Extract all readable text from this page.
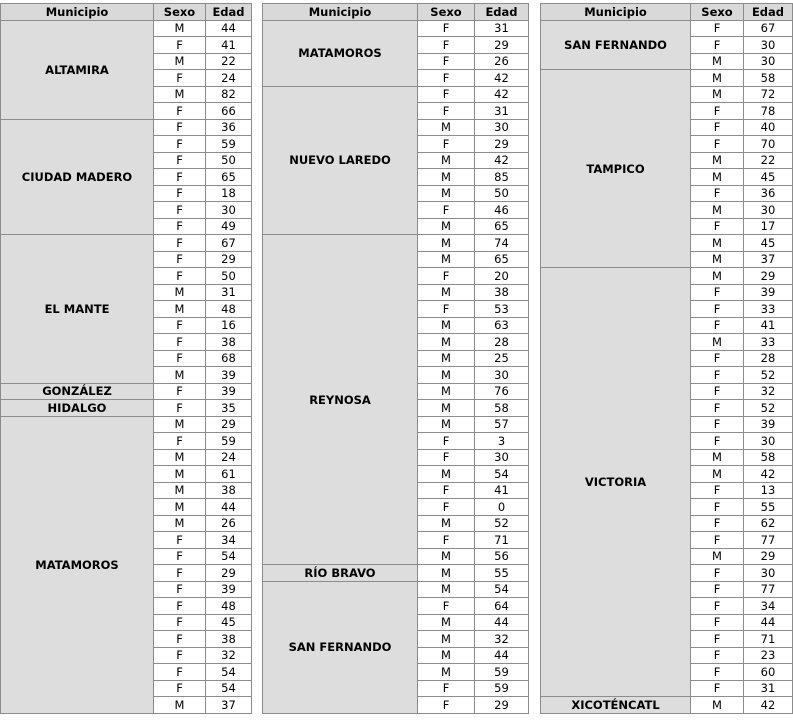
Municipio	Sexo	Edad
ALTAMIRA	M	44
	F	41
	M	22
	F	24
	M	82
	F	66
CIUDAD MADERO	F	36
	F	59
	F	50
	F	65
	F	18
	F	30
	F	49
EL MANTE	F	67
	F	29
	F	50
	M	31
	M	48
	F	16
	F	38
	F	68
	M	39
GONZÁLEZ	F	39
HIDALGO	F	35
MATAMOROS	M	29
	F	59
	M	24
	M	61
	M	38
	M	44
	M	26
	F	34
	F	54
	F	29
	F	39
	F	48
	F	45
	F	38
	F	32
	F	54
	F	54
	M	37
Municipio	Sexo	Edad
MATAMOROS	F	31
	F	29
	F	26
	F	42
NUEVO LAREDO	F	42
	F	31
	M	30
	F	29
	M	42
	M	85
	M	50
	F	46
	M	65
REYNOSA	M	74
	M	65
	F	20
	M	38
	F	53
	M	63
	M	28
	M	25
	M	30
	M	76
	M	58
	M	57
	F	3
	F	30
	M	54
	F	41
	F	0
	M	52
	F	71
	M	56
RÍO BRAVO	M	55
SAN FERNANDO	M	54
	F	64
	M	44
	M	32
	M	44
	M	59
	F	59
	F	29
Municipio	Sexo	Edad
SAN FERNANDO	F	67
	F	30
	M	30
TAMPICO	M	58
	M	72
	F	78
	F	40
	F	70
	M	22
	M	45
	F	36
	M	30
	F	17
	M	45
	M	37
VICTORIA	M	29
	F	39
	F	33
	F	41
	M	33
	F	28
	F	52
	F	32
	F	52
	F	39
	F	30
	M	58
	M	42
	F	13
	F	55
	F	62
	F	77
	M	29
	F	30
	F	77
	F	34
	F	44
	F	71
	F	23
	F	60
	F	31
XICOTÉNCATL	M	42
